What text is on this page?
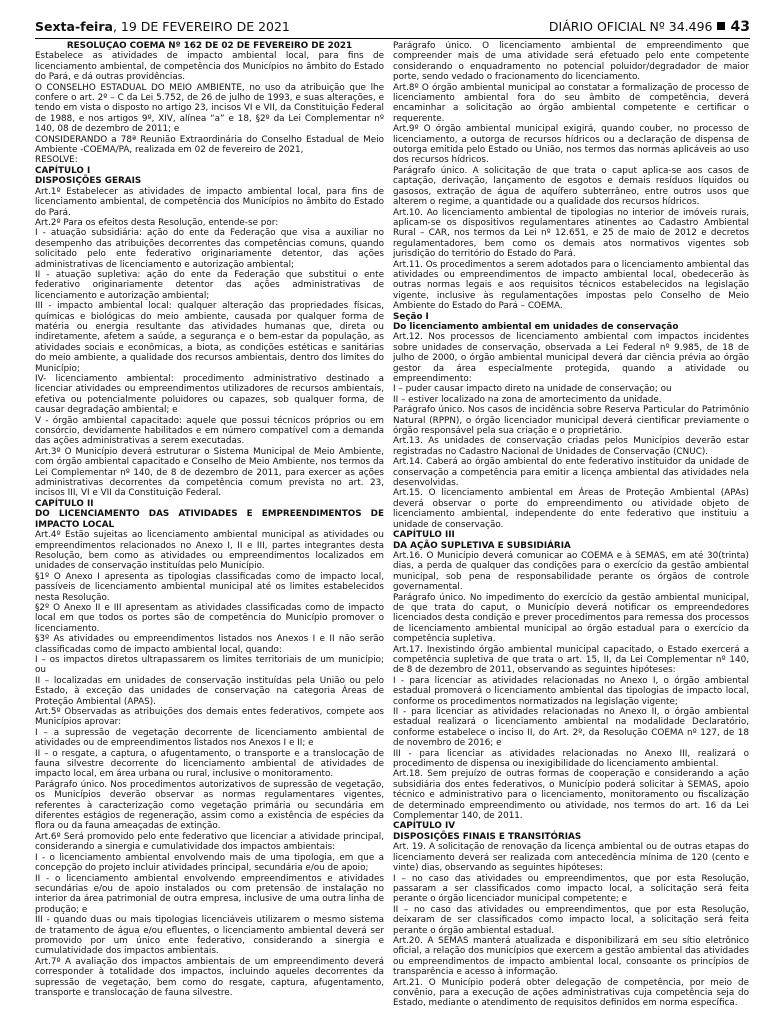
Sexta-feira, 19 DE FEVEREIRO DE 2021	DIÁRIO OFICIAL Nº 34.496 43

RESOLUÇÃO COEMA Nº 162 DE 02 DE FEVEREIRO DE 2021

Estabelece as atividades de impacto ambiental local, para fins de licenciamento ambiental, de competência dos Municípios no âmbito do Estado do Pará, e dá outras providências.

O CONSELHO ESTADUAL DO MEIO AMBIENTE, no uso da atribuição que lhe confere o art. 2º – C da Lei 5.752, de 26 de julho de 1993, e suas alterações, e tendo em vista o disposto no artigo 23, incisos VI e VII, da Constituição Federal de 1988, e nos artigos 9º, XIV, alínea “a” e 18, §2º da Lei Complementar nº 140, 08 de dezembro de 2011; e

CONSIDERANDO a 78ª Reunião Extraordinária do Conselho Estadual de Meio Ambiente -COEMA/PA, realizada em 02 de fevereiro de 2021,

RESOLVE:

CAPÍTULO I

DISPOSIÇÕES GERAIS

Art.1º Estabelecer as atividades de impacto ambiental local, para fins de licenciamento ambiental, de competência dos Municípios no âmbito do Estado do Pará.

Art.2º Para os efeitos desta Resolução, entende-se por:

I - atuação subsidiária: ação do ente da Federação que visa a auxiliar no desempenho das atribuições decorrentes das competências comuns, quando solicitado pelo ente federativo originariamente detentor, das ações administrativas de licenciamento e autorização ambiental;

II - atuação supletiva: ação do ente da Federação que substitui o ente federativo originariamente detentor das ações administrativas de licenciamento e autorização ambiental;

III - impacto ambiental local: qualquer alteração das propriedades físicas, químicas e biológicas do meio ambiente, causada por qualquer forma de matéria ou energia resultante das atividades humanas que, direta ou indiretamente, afetem a saúde, a segurança e o bem-estar da população, as atividades sociais e econômicas, a biota, as condições estéticas e sanitárias do meio ambiente, a qualidade dos recursos ambientais, dentro dos limites do Município;

IV- licenciamento ambiental: procedimento administrativo destinado a licenciar atividades ou empreendimentos utilizadores de recursos ambientais, efetiva ou potencialmente poluidores ou capazes, sob qualquer forma, de causar degradação ambiental; e

V - órgão ambiental capacitado: aquele que possui técnicos próprios ou em consórcio, devidamente habilitados e em número compatível com a demanda das ações administrativas a serem executadas.

Art.3º O Município deverá estruturar o Sistema Municipal de Meio Ambiente, com órgão ambiental capacitado e Conselho de Meio Ambiente, nos termos da Lei Complementar nº 140, de 8 de dezembro de 2011, para exercer as ações administrativas decorrentes da competência comum prevista no art. 23, incisos III, VI e VII da Constituição Federal.

CAPÍTULO II

DO LICENCIAMENTO DAS ATIVIDADES E EMPREENDIMENTOS DE IMPACTO LOCAL

Art.4º Estão sujeitas ao licenciamento ambiental municipal as atividades ou empreendimentos relacionados no Anexo I, II e III, partes integrantes desta Resolução, bem como as atividades ou empreendimentos localizados em unidades de conservação instituídas pelo Município.

§1º O Anexo I apresenta as tipologias classificadas como de impacto local, passíveis de licenciamento ambiental municipal até os limites estabelecidos nesta Resolução.

§2º O Anexo II e III apresentam as atividades classificadas como de impacto local em que todos os portes são de competência do Município promover o licenciamento.

§3º As atividades ou empreendimentos listados nos Anexos I e II não serão classificadas como de impacto ambiental local, quando:

I – os impactos diretos ultrapassarem os limites territoriais de um município; ou

II – localizadas em unidades de conservação instituídas pela União ou pelo Estado, à exceção das unidades de conservação na categoria Áreas de Proteção Ambiental (APAS).

Art.5º Observadas as atribuições dos demais entes federativos, compete aos Municípios aprovar:

I – a supressão de vegetação decorrente de licenciamento ambiental de atividades ou de empreendimentos listados nos Anexos I e II; e

II – o resgate, a captura, o afugentamento, o transporte e a translocação de fauna silvestre decorrente do licenciamento ambiental de atividades de impacto local, em área urbana ou rural, inclusive o monitoramento.

Parágrafo único. Nos procedimentos autorizativos de supressão de vegetação, os Municípios deverão observar as normas regulamentares vigentes, referentes à caracterização como vegetação primária ou secundária em diferentes estágios de regeneração, assim como a existência de espécies da flora ou da fauna ameaçadas de extinção.

Art.6º Será promovido pelo ente federativo que licenciar a atividade principal, considerando a sinergia e cumulatividade dos impactos ambientais:

I - o licenciamento ambiental envolvendo mais de uma tipologia, em que a concepção do projeto incluir atividades principal, secundária e/ou de apoio;

II - o licenciamento ambiental envolvendo empreendimentos e atividades secundárias e/ou de apoio instalados ou com pretensão de instalação no interior da área patrimonial de outra empresa, inclusive de uma outra linha de produção; e

III - quando duas ou mais tipologias licenciáveis utilizarem o mesmo sistema de tratamento de água e/ou efluentes, o licenciamento ambiental deverá ser promovido por um único ente federativo, considerando a sinergia e cumulatividade dos impactos ambientais.

Art.7º A avaliação dos impactos ambientais de um empreendimento deverá corresponder à totalidade dos impactos, incluindo aqueles decorrentes da supressão de vegetação, bem como do resgate, captura, afugentamento, transporte e translocação de fauna silvestre.

Parágrafo único. O licenciamento ambiental de empreendimento que compreender mais de uma atividade será efetuado pelo ente competente considerando o enquadramento no potencial poluidor/degradador de maior porte, sendo vedado o fracionamento do licenciamento.

Art.8º O órgão ambiental municipal ao constatar a formalização de processo de licenciamento ambiental fora do seu âmbito de competência, deverá encaminhar a solicitação ao órgão ambiental competente e certificar o requerente.

Art.9º O órgão ambiental municipal exigirá, quando couber, no processo de licenciamento, a outorga de recursos hídricos ou a declaração de dispensa de outorga emitida pelo Estado ou União, nos termos das normas aplicáveis ao uso dos recursos hídricos.

Parágrafo único. A solicitação de que trata o caput aplica-se aos casos de captação, derivação, lançamento de esgotos e demais resíduos líquidos ou gasosos, extração de água de aquífero subterrâneo, entre outros usos que alterem o regime, a quantidade ou a qualidade dos recursos hídricos.

Art.10. Ao licenciamento ambiental de tipologias no interior de imóveis rurais, aplicam-se os dispositivos regulamentares atinentes ao Cadastro Ambiental Rural – CAR, nos termos da Lei nº 12.651, e 25 de maio de 2012 e decretos regulamentadores, bem como os demais atos normativos vigentes sob jurisdição do território do Estado do Pará.

Art.11. Os procedimentos a serem adotados para o licenciamento ambiental das atividades ou empreendimentos de impacto ambiental local, obedecerão às outras normas legais e aos requisitos técnicos estabelecidos na legislação vigente, inclusive às regulamentações impostas pelo Conselho de Meio Ambiente do Estado do Pará – COEMA.

Seção I

Do licenciamento ambiental em unidades de conservação

Art.12. Nos processos de licenciamento ambiental com impactos incidentes sobre unidades de conservação, observada a Lei Federal nº 9.985, de 18 de julho de 2000, o órgão ambiental municipal deverá dar ciência prévia ao órgão gestor da área especialmente protegida, quando a atividade ou empreendimento:

I – puder causar impacto direto na unidade de conservação; ou

II – estiver localizado na zona de amortecimento da unidade.

Parágrafo único. Nos casos de incidência sobre Reserva Particular do Patrimônio Natural (RPPN), o órgão licenciador municipal deverá cientificar previamente o órgão responsável pela sua criação e o proprietário.

Art.13. As unidades de conservação criadas pelos Municípios deverão estar registradas no Cadastro Nacional de Unidades de Conservação (CNUC).

Art.14. Caberá ao órgão ambiental do ente federativo instituidor da unidade de conservação a competência para emitir a licença ambiental das atividades nela desenvolvidas.

Art.15. O licenciamento ambiental em Áreas de Proteção Ambiental (APAs) deverá observar o porte do empreendimento ou atividade objeto de licenciamento ambiental, independente do ente federativo que instituiu a unidade de conservação.

CAPÍTULO III

DA AÇÃO SUPLETIVA E SUBSIDIÁRIA

Art.16. O Município deverá comunicar ao COEMA e à SEMAS, em até 30(trinta) dias, a perda de qualquer das condições para o exercício da gestão ambiental municipal, sob pena de responsabilidade perante os órgãos de controle governamental.

Parágrafo único. No impedimento do exercício da gestão ambiental municipal, de que trata do caput, o Município deverá notificar os empreendedores licenciados desta condição e prever procedimentos para remessa dos processos de licenciamento ambiental municipal ao órgão estadual para o exercício da competência supletiva.

Art.17. Inexistindo órgão ambiental municipal capacitado, o Estado exercerá a competência supletiva de que trata o art. 15, II, da Lei Complementar nº 140, de 8 de dezembro de 2011, observando as seguintes hipóteses:

I - para licenciar as atividades relacionadas no Anexo I, o órgão ambiental estadual promoverá o licenciamento ambiental das tipologias de impacto local, conforme os procedimentos normatizados na legislação vigente;

II - para licenciar as atividades relacionadas no Anexo II, o órgão ambiental estadual realizará o licenciamento ambiental na modalidade Declaratório, conforme estabelece o inciso II, do Art. 2º, da Resolução COEMA nº 127, de 18 de novembro de 2016; e

III - para licenciar as atividades relacionadas no Anexo III, realizará o procedimento de dispensa ou inexigibilidade do licenciamento ambiental.

Art.18. Sem prejuízo de outras formas de cooperação e considerando a ação subsidiária dos entes federativos, o Município poderá solicitar à SEMAS, apoio técnico e administrativo para o licenciamento, monitoramento ou fiscalização de determinado empreendimento ou atividade, nos termos do art. 16 da Lei Complementar 140, de 2011.

CAPÍTULO IV

DISPOSIÇÕES FINAIS E TRANSITÓRIAS

Art. 19. A solicitação de renovação da licença ambiental ou de outras etapas do licenciamento deverá ser realizada com antecedência mínima de 120 (cento e vinte) dias, observando as seguintes hipóteses:

I – no caso das atividades ou empreendimentos, que por esta Resolução, passaram a ser classificados como impacto local, a solicitação será feita perante o órgão licenciador municipal competente; e

II – no caso das atividades ou empreendimentos, que por esta Resolução, deixaram de ser classificados como impacto local, a solicitação será feita perante o órgão ambiental estadual.

Art.20. A SEMAS manterá atualizada e disponibilizará em seu sítio eletrônico oficial, a relação dos municípios que exercem a gestão ambiental das atividades ou empreendimentos de impacto ambiental local, consoante os princípios de transparência e acesso à informação.

Art.21. O Município poderá obter delegação de competência, por meio de convênio, para a execução de ações administrativas cuja competência seja do Estado, mediante o atendimento de requisitos definidos em norma específica.
